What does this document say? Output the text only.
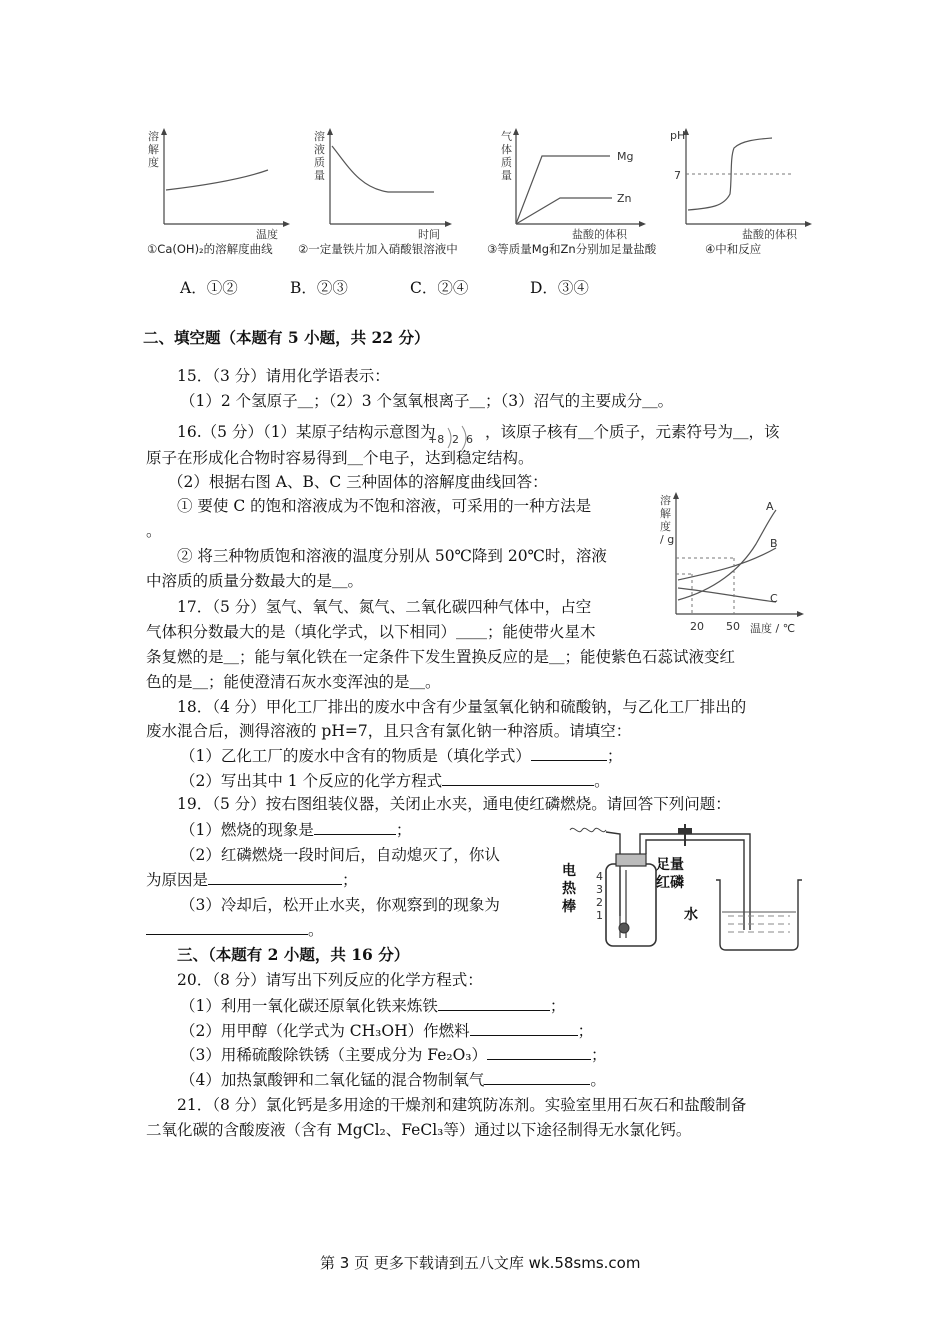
溶
解
度
温度
①Ca(OH)₂的溶解度曲线
溶
液
质
量
时间
②一定量铁片加入硝酸银溶液中
气
体
质
量
Mg
Zn
盐酸的体积
③等质量Mg和Zn分别加足量盐酸
pH
7
盐酸的体积
④中和反应
A．①②	B．②③	C．②④	D．③④
二、填空题（本题有 5 小题，共 22 分）
15．（3 分）请用化学语表示：
（1）2 个氢原子＿；（2）3 个氢氧根离子＿；（3）沼气的主要成分＿。
16.（5 分）（1）某原子结构示意图为
+8 2 6 ，该原子核有＿个质子，元素符号为＿，该
原子在形成化合物时容易得到＿个电子，达到稳定结构。
（2）根据右图 A、B、C 三种固体的溶解度曲线回答：
① 要使 C 的饱和溶液成为不饱和溶液，可采用的一种方法是
。
② 将三种物质饱和溶液的温度分别从 50℃降到 20℃时，溶液
中溶质的质量分数最大的是＿。
溶
解
度
/ g
A
B
C
20 50 温度 / ℃
17．（5 分）氢气、氧气、氮气、二氧化碳四种气体中，占空
气体积分数最大的是（填化学式，以下相同）＿＿；能使带火星木
条复燃的是＿；能与氧化铁在一定条件下发生置换反应的是＿；能使紫色石蕊试液变红
色的是＿；能使澄清石灰水变浑浊的是＿。
18．（4 分）甲化工厂排出的废水中含有少量氢氧化钠和硫酸钠，与乙化工厂排出的
废水混合后，测得溶液的 pH=7，且只含有氯化钠一种溶质。请填空：
（1）乙化工厂的废水中含有的物质是（填化学式）	；
（2）写出其中 1 个反应的化学方程式	。
19．（5 分）按右图组装仪器，关闭止水夹，通电使红磷燃烧。请回答下列问题：
（1）燃烧的现象是	；
（2）红磷燃烧一段时间后，自动熄灭了，你认
为原因是	；
（3）冷却后，松开止水夹，你观察到的现象为
。
电
热
棒
4
3
2
1
足量
红磷
水
三、（本题有 2 小题，共 16 分）
20．（8 分）请写出下列反应的化学方程式：
（1）利用一氧化碳还原氧化铁来炼铁	；
（2）用甲醇（化学式为 CH₃OH）作燃料	；
（3）用稀硫酸除铁锈（主要成分为 Fe₂O₃）	；
（4）加热氯酸钾和二氧化锰的混合物制氧气	。
21．（8 分）氯化钙是多用途的干燥剂和建筑防冻剂。实验室里用石灰石和盐酸制备
二氧化碳的含酸废液（含有 MgCl₂、FeCl₃等）通过以下途径制得无水氯化钙。
第 3 页 更多下载请到五八文库 wk.58sms.com
